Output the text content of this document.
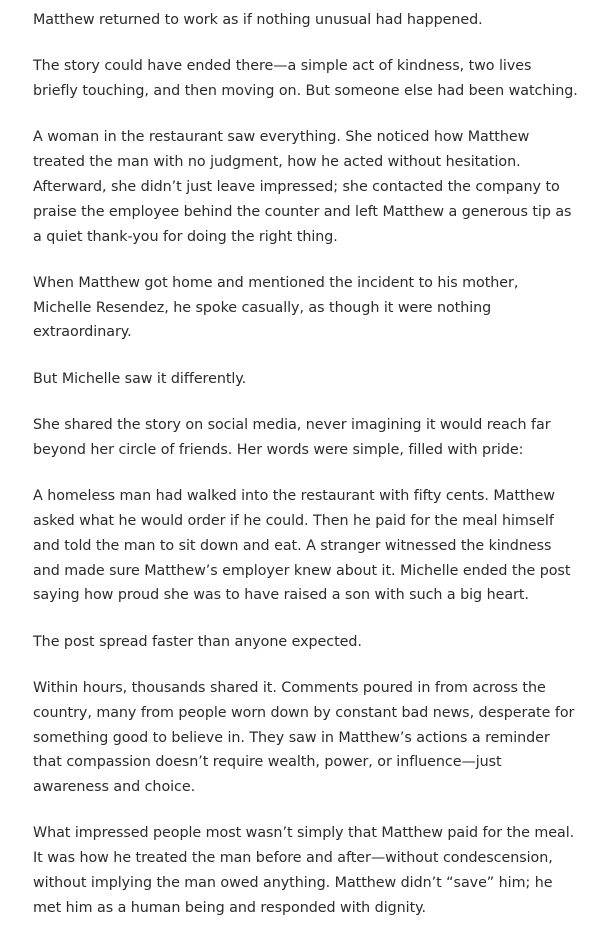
Matthew returned to work as if nothing unusual had happened.

The story could have ended there—a simple act of kindness, two lives briefly touching, and then moving on. But someone else had been watching.

A woman in the restaurant saw everything. She noticed how Matthew treated the man with no judgment, how he acted without hesitation. Afterward, she didn’t just leave impressed; she contacted the company to praise the employee behind the counter and left Matthew a generous tip as a quiet thank-you for doing the right thing.

When Matthew got home and mentioned the incident to his mother, Michelle Resendez, he spoke casually, as though it were nothing extraordinary.

But Michelle saw it differently.

She shared the story on social media, never imagining it would reach far beyond her circle of friends. Her words were simple, filled with pride:

A homeless man had walked into the restaurant with fifty cents. Matthew asked what he would order if he could. Then he paid for the meal himself and told the man to sit down and eat. A stranger witnessed the kindness and made sure Matthew’s employer knew about it. Michelle ended the post saying how proud she was to have raised a son with such a big heart.

The post spread faster than anyone expected.

Within hours, thousands shared it. Comments poured in from across the country, many from people worn down by constant bad news, desperate for something good to believe in. They saw in Matthew’s actions a reminder that compassion doesn’t require wealth, power, or influence—just awareness and choice.

What impressed people most wasn’t simply that Matthew paid for the meal. It was how he treated the man before and after—without condescension, without implying the man owed anything. Matthew didn’t “save” him; he met him as a human being and responded with dignity.
